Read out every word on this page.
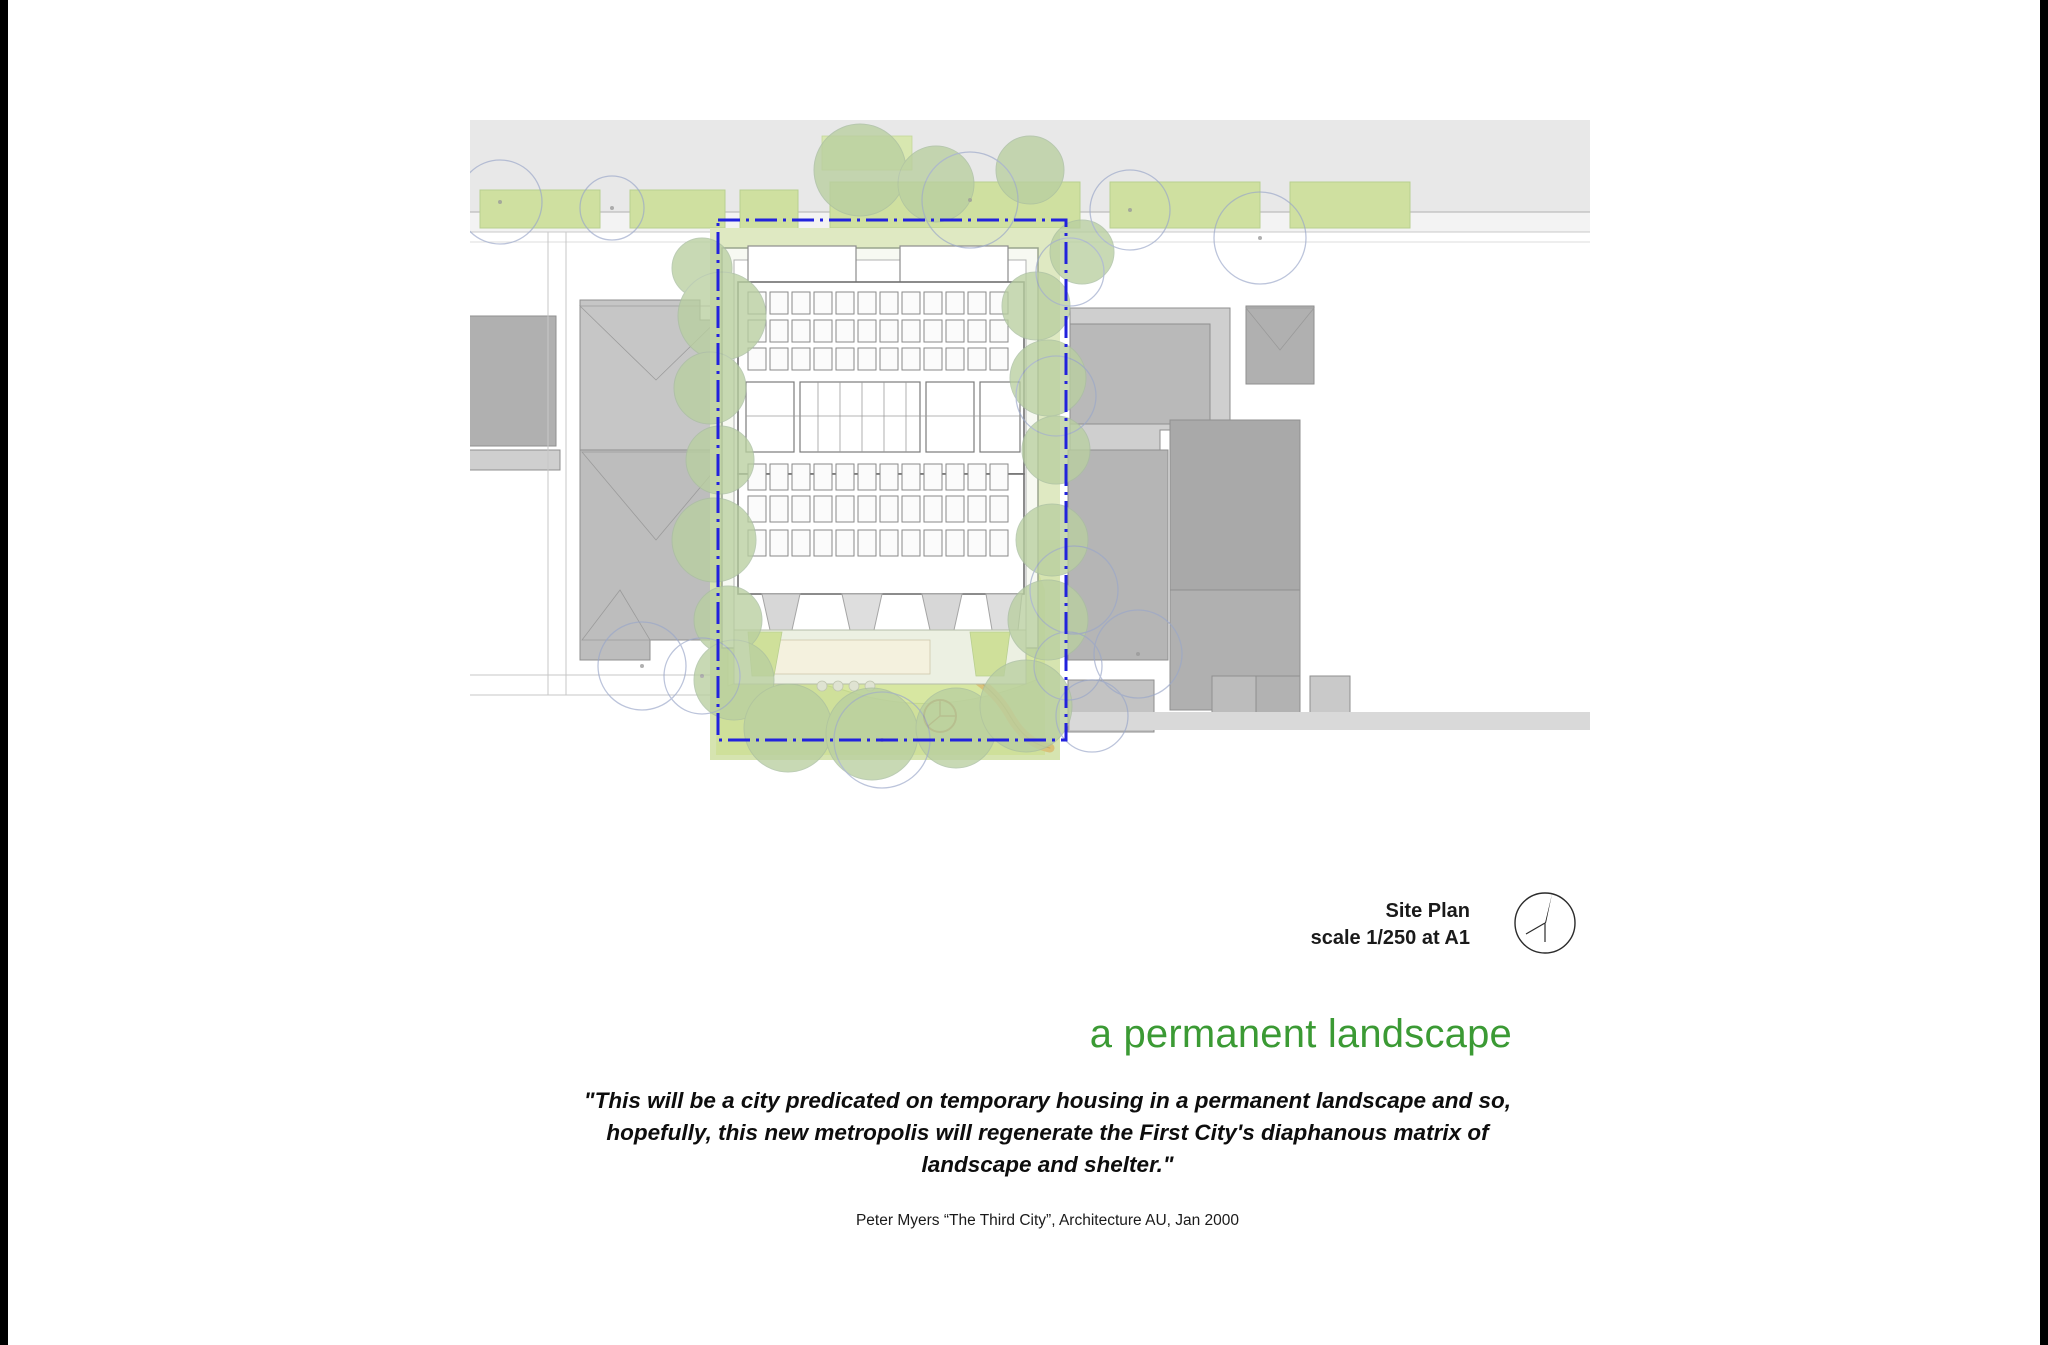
Site Plan
scale 1/250 at A1
a permanent landscape
"This will be a city predicated on temporary housing in a permanent landscape and so,
hopefully, this new metropolis will regenerate the First City's diaphanous matrix of
landscape and shelter."
Peter Myers “The Third City”, Architecture AU, Jan 2000
